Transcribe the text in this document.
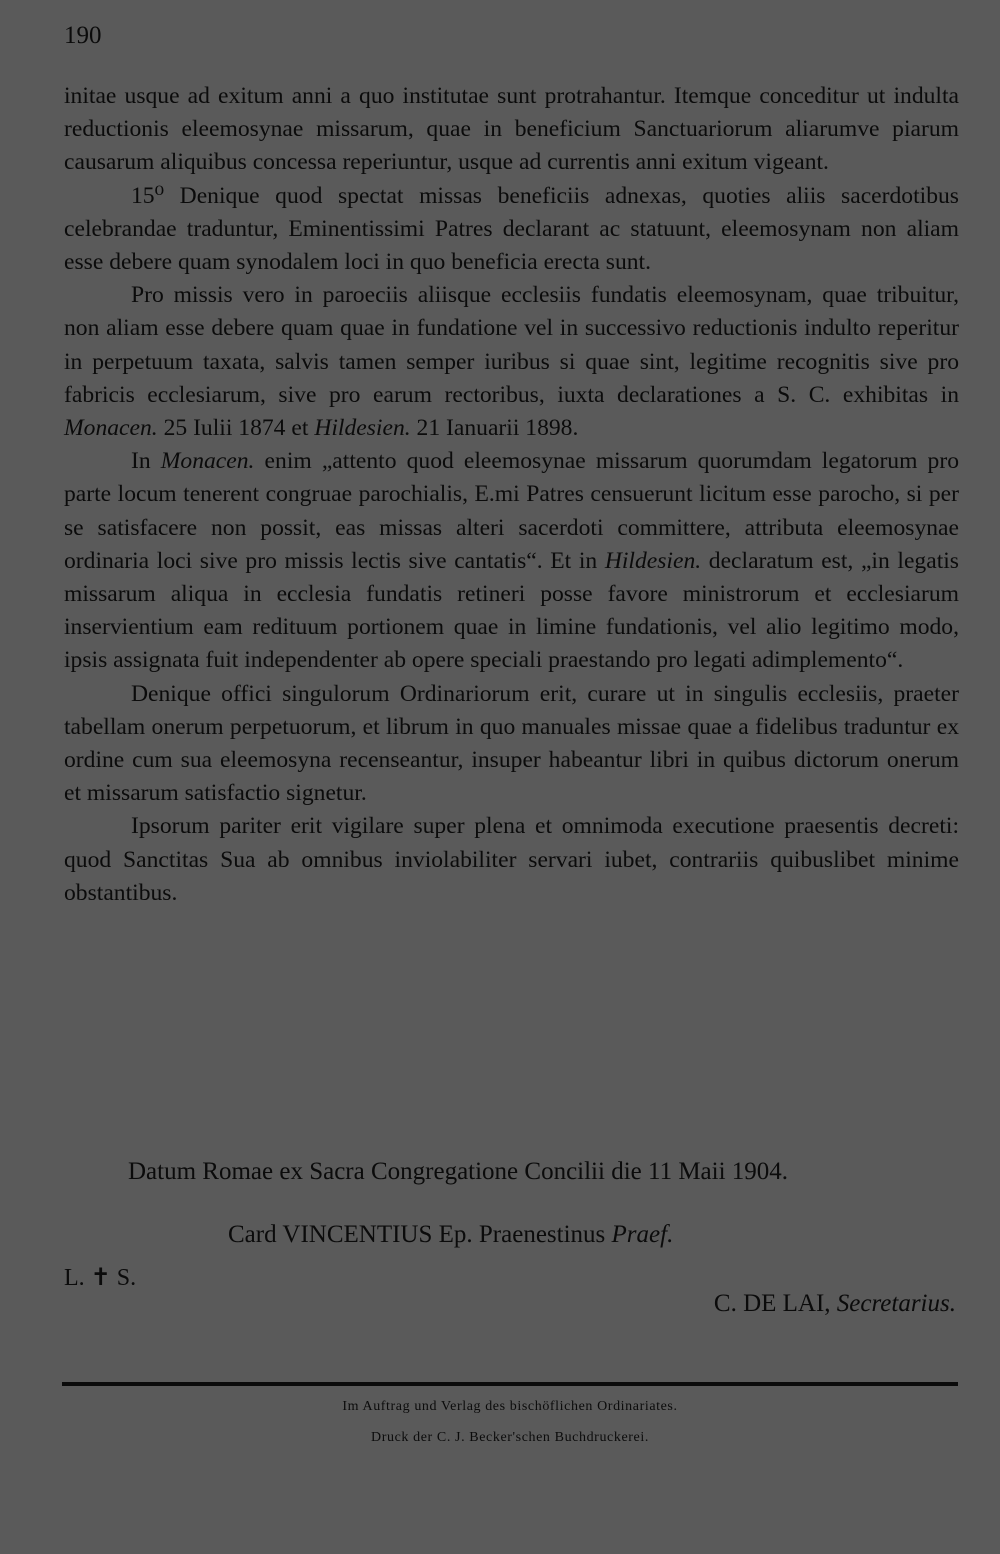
190

initae usque ad exitum anni a quo institutae sunt protrahantur. Itemque conceditur ut indulta reductionis eleemosynae missarum, quae in beneficium Sanctuariorum aliarumve piarum causarum aliquibus concessa reperiuntur, usque ad currentis anni exitum vigeant.

15⁰ Denique quod spectat missas beneficiis adnexas, quoties aliis sacerdotibus celebrandae traduntur, Eminentissimi Patres declarant ac statuunt, eleemosynam non aliam esse debere quam synodalem loci in quo beneficia erecta sunt.

Pro missis vero in paroeciis aliisque ecclesiis fundatis eleemosynam, quae tribuitur, non aliam esse debere quam quae in fundatione vel in successivo reductionis indulto reperitur in perpetuum taxata, salvis tamen semper iuribus si quae sint, legitime recognitis sive pro fabricis ecclesiarum, sive pro earum rectoribus, iuxta declarationes a S. C. exhibitas in Monacen. 25 Iulii 1874 et Hildesien. 21 Ianuarii 1898.

In Monacen. enim „attento quod eleemosynae missarum quorumdam legatorum pro parte locum tenerent congruae parochialis, E.mi Patres censuerunt licitum esse parocho, si per se satisfacere non possit, eas missas alteri sacerdoti committere, attributa eleemosynae ordinaria loci sive pro missis lectis sive cantatis“. Et in Hildesien. declaratum est, „in legatis missarum aliqua in ecclesia fundatis retineri posse favore ministrorum et ecclesiarum inservientium eam redituum portionem quae in limine fundationis, vel alio legitimo modo, ipsis assignata fuit independenter ab opere speciali praestando pro legati adimplemento“.

Denique offici singulorum Ordinariorum erit, curare ut in singulis ecclesiis, praeter tabellam onerum perpetuorum, et librum in quo manuales missae quae a fidelibus traduntur ex ordine cum sua eleemosyna recenseantur, insuper habeantur libri in quibus dictorum onerum et missarum satisfactio signetur.

Ipsorum pariter erit vigilare super plena et omnimoda executione praesentis decreti: quod Sanctitas Sua ab omnibus inviolabiliter servari iubet, contrariis quibuslibet minime obstantibus.

Datum Romae ex Sacra Congregatione Concilii die 11 Maii 1904.
Card VINCENTIUS Ep. Praenestinus Praef.
L. ✝ S.
C. DE LAI, Secretarius.
Im Auftrag und Verlag des bischöflichen Ordinariates.
Druck der C. J. Becker'schen Buchdruckerei.
